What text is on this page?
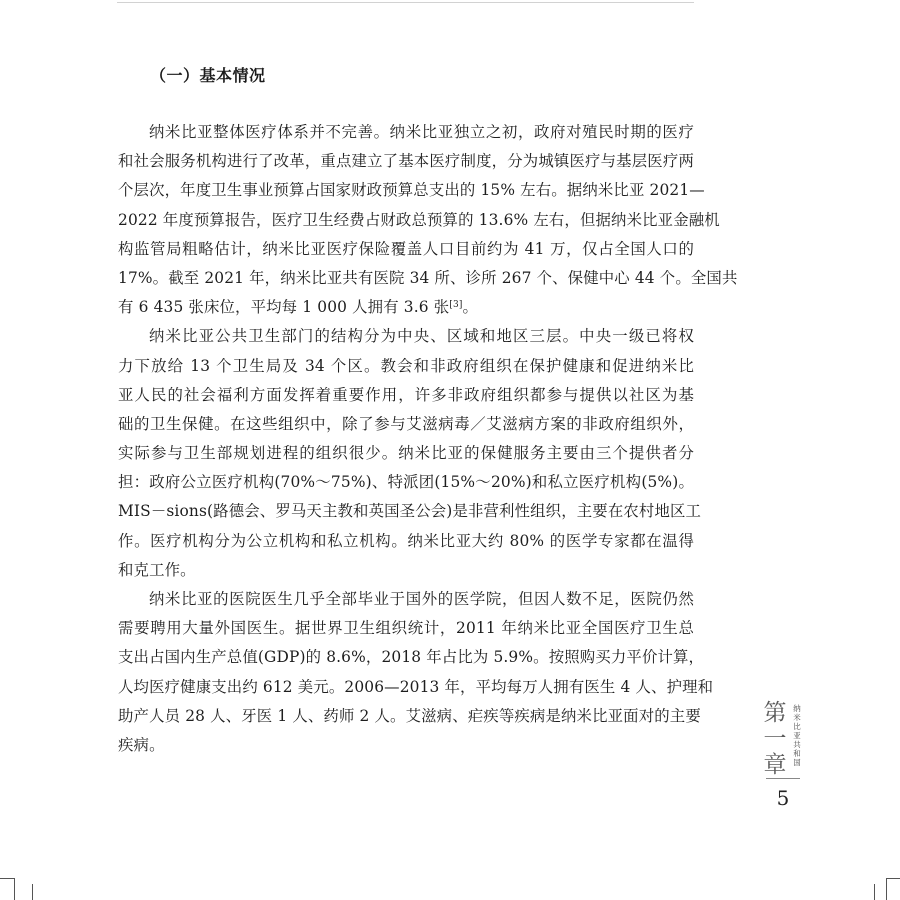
（一）基本情况
纳米比亚整体医疗体系并不完善。纳米比亚独立之初，政府对殖民时期的医疗
和社会服务机构进行了改革，重点建立了基本医疗制度，分为城镇医疗与基层医疗两
个层次，年度卫生事业预算占国家财政预算总支出的 15% 左右。据纳米比亚 2021—
2022 年度预算报告，医疗卫生经费占财政总预算的 13.6% 左右，但据纳米比亚金融机
构监管局粗略估计，纳米比亚医疗保险覆盖人口目前约为 41 万，仅占全国人口的
17%。截至 2021 年，纳米比亚共有医院 34 所、诊所 267 个、保健中心 44 个。全国共
有 6 435 张床位，平均每 1 000 人拥有 3.6 张[3]。
纳米比亚公共卫生部门的结构分为中央、区域和地区三层。中央一级已将权
力下放给 13 个卫生局及 34 个区。教会和非政府组织在保护健康和促进纳米比
亚人民的社会福利方面发挥着重要作用，许多非政府组织都参与提供以社区为基
础的卫生保健。在这些组织中，除了参与艾滋病毒／艾滋病方案的非政府组织外，
实际参与卫生部规划进程的组织很少。纳米比亚的保健服务主要由三个提供者分
担：政府公立医疗机构(70%～75%)、特派团(15%～20%)和私立医疗机构(5%)。
MIS－sions(路德会、罗马天主教和英国圣公会)是非营利性组织，主要在农村地区工
作。医疗机构分为公立机构和私立机构。纳米比亚大约 80% 的医学专家都在温得
和克工作。
纳米比亚的医院医生几乎全部毕业于国外的医学院，但因人数不足，医院仍然
需要聘用大量外国医生。据世界卫生组织统计，2011 年纳米比亚全国医疗卫生总
支出占国内生产总值(GDP)的 8.6%，2018 年占比为 5.9%。按照购买力平价计算，
人均医疗健康支出约 612 美元。2006—2013 年，平均每万人拥有医生 4 人、护理和
助产人员 28 人、牙医 1 人、药师 2 人。艾滋病、疟疾等疾病是纳米比亚面对的主要
疾病。
第
一
章
纳
米
比
亚
共
和
国
5
